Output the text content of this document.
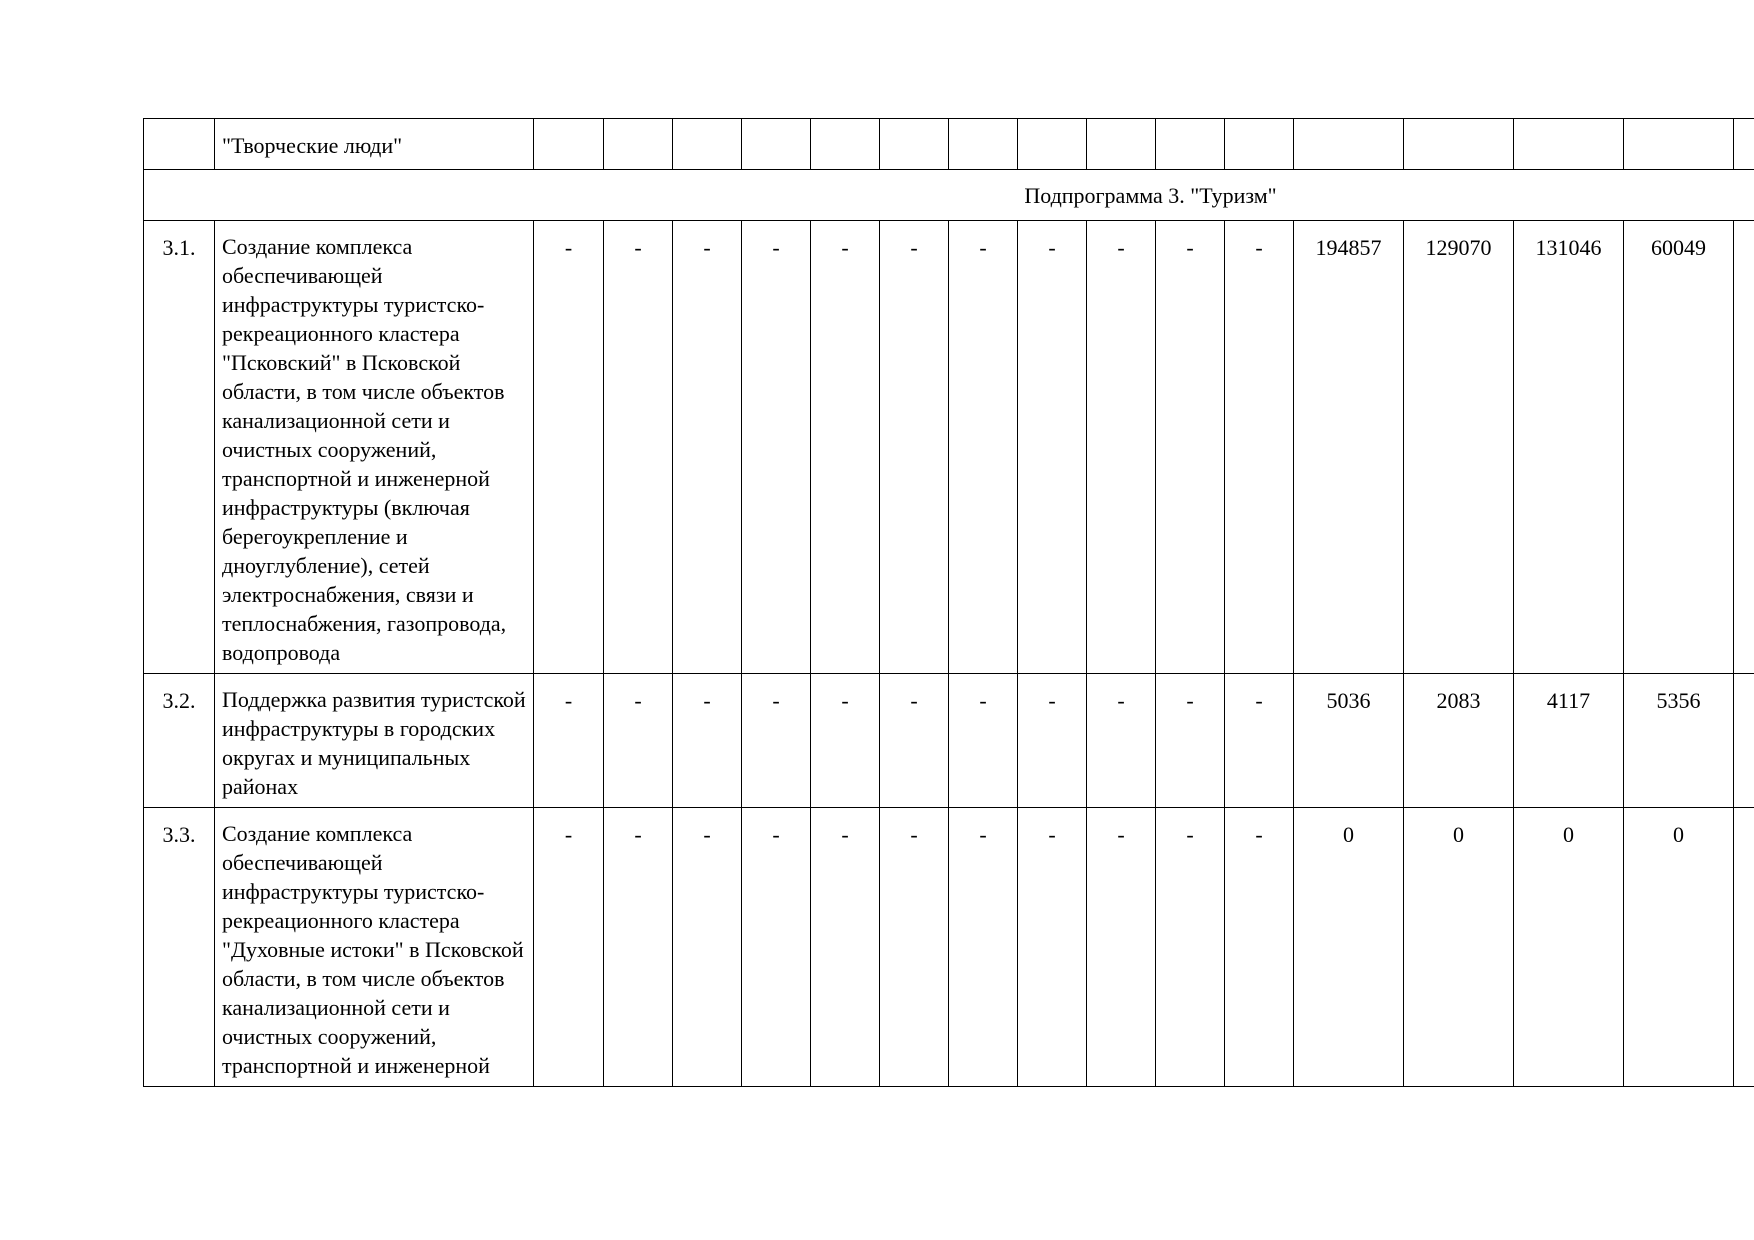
	"Творческие люди"																
Подпрограмма 3. "Туризм"																	
3.1.	Создание комплекса обеспечивающей инфраструктуры туристско-рекреационного кластера "Псковский" в Псковской области, в том числе объектов канализационной сети и очистных сооружений, транспортной и инженерной инфраструктуры (включая берегоукрепление и дноуглубление), сетей электроснабжения, связи и теплоснабжения, газопровода, водопровода	-	-	-	-	-	-	-	-	-	-	-	194857	129070	131046	60049	
3.2.	Поддержка развития туристской инфраструктуры в городских округах и муниципальных районах	-	-	-	-	-	-	-	-	-	-	-	5036	2083	4117	5356	
3.3.	Создание комплекса обеспечивающей инфраструктуры туристско-рекреационного кластера "Духовные истоки" в Псковской области, в том числе объектов канализационной сети и очистных сооружений, транспортной и инженерной	-	-	-	-	-	-	-	-	-	-	-	0	0	0	0	
